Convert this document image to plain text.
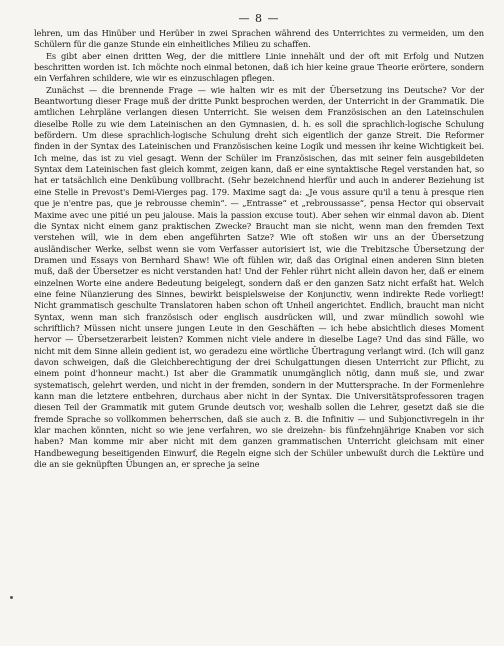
— 8 —

lehren, um das Hinüber und Herüber in zwei Sprachen während des Unterrichtes zu vermeiden, um den Schülern für die ganze Stunde ein einheitliches Milieu zu schaffen.

Es gibt aber einen dritten Weg, der die mittlere Linie innehält und der oft mit Erfolg und Nutzen beschritten worden ist. Ich möchte noch einmal betonen, daß ich hier keine graue Theorie erörtere, sondern ein Verfahren schildere, wie wir es einzuschlagen pflegen.

Zunächst — die brennende Frage — wie halten wir es mit der Übersetzung ins Deutsche? Vor der Beantwortung dieser Frage muß der dritte Punkt besprochen werden, der Unterricht in der Grammatik. Die amtlichen Lehrpläne verlangen diesen Unterricht. Sie weisen dem Französischen an den Lateinschulen dieselbe Rolle zu wie dem Lateinischen an den Gymnasien, d. h. es soll die sprachlich-logische Schulung befördern. Um diese sprachlich-logische Schulung dreht sich eigentlich der ganze Streit. Die Reformer finden in der Syntax des Lateinischen und Französischen keine Logik und messen ihr keine Wichtigkeit bei. Ich meine, das ist zu viel gesagt. Wenn der Schüler im Französischen, das mit seiner fein ausgebildeten Syntax dem Lateinischen fast gleich kommt, zeigen kann, daß er eine syntaktische Regel verstanden hat, so hat er tatsächlich eine Denkübung vollbracht. (Sehr bezeichnend hierfür und auch in anderer Beziehung ist eine Stelle in Prevost's Demi-Vierges pag. 179. Maxime sagt da: „Je vous assure qu'il a tenu à presque rien que je n'entre pas, que je rebrousse chemin“. — „Entrasse“ et „rebroussasse“, pensa Hector qui observait Maxime avec une pitié un peu jalouse. Mais la passion excuse tout). Aber sehen wir einmal davon ab. Dient die Syntax nicht einem ganz praktischen Zwecke? Braucht man sie nicht, wenn man den fremden Text verstehen will, wie in dem eben angeführten Satze? Wie oft stoßen wir uns an der Übersetzung ausländischer Werke, selbst wenn sie vom Verfasser autorisiert ist, wie die Trebitzsche Übersetzung der Dramen und Essays von Bernhard Shaw! Wie oft fühlen wir, daß das Original einen anderen Sinn bieten muß, daß der Übersetzer es nicht verstanden hat! Und der Fehler rührt nicht allein davon her, daß er einem einzelnen Worte eine andere Bedeutung beigelegt, sondern daß er den ganzen Satz nicht erfaßt hat. Welch eine feine Nüanzierung des Sinnes, bewirkt beispielsweise der Konjunctiv, wenn indirekte Rede vorliegt! Nicht grammatisch geschulte Translatoren haben schon oft Unheil angerichtet. Endlich, braucht man nicht Syntax, wenn man sich französisch oder englisch ausdrücken will, und zwar mündlich sowohl wie schriftlich? Müssen nicht unsere jungen Leute in den Geschäften — ich hebe absichtlich dieses Moment hervor — Übersetzerarbeit leisten? Kommen nicht viele andere in dieselbe Lage? Und das sind Fälle, wo nicht mit dem Sinne allein gedient ist, wo geradezu eine wörtliche Übertragung verlangt wird. (Ich will ganz davon schweigen, daß die Gleichberechtigung der drei Schulgattungen diesen Unterricht zur Pflicht, zu einem point d'honneur macht.) Ist aber die Grammatik unumgänglich nötig, dann muß sie, und zwar systematisch, gelehrt werden, und nicht in der fremden, sondern in der Muttersprache. In der Formenlehre kann man die letztere entbehren, durchaus aber nicht in der Syntax. Die Universitätsprofessoren tragen diesen Teil der Grammatik mit gutem Grunde deutsch vor, weshalb sollen die Lehrer, gesetzt daß sie die fremde Sprache so vollkommen beherrschen, daß sie auch z. B. die Infinitiv — und Subjonctivregeln in ihr klar machen könnten, nicht so wie jene verfahren, wo sie dreizehn- bis fünfzehnjährige Knaben vor sich haben? Man komme mir aber nicht mit dem ganzen grammatischen Unterricht gleichsam mit einer Handbewegung beseitigenden Einwurf, die Regeln eigne sich der Schüler unbewußt durch die Lektüre und die an sie geknüpften Übungen an, er spreche ja seine
